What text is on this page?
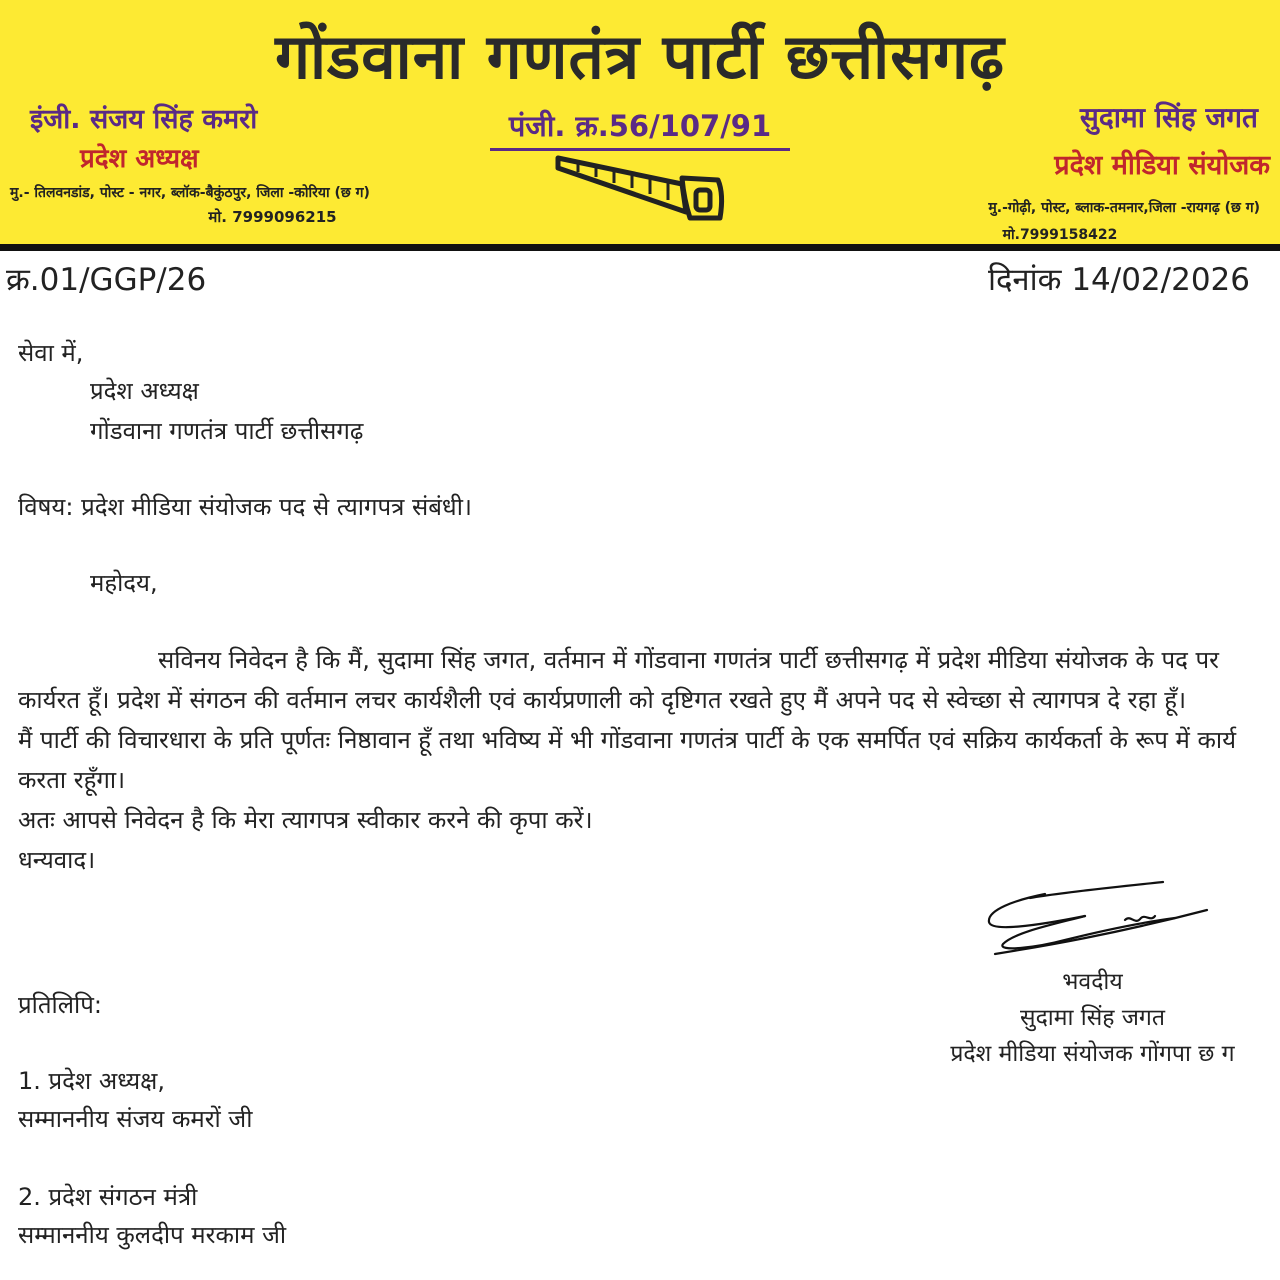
गोंडवाना गणतंत्र पार्टी छत्तीसगढ़
इंजी. संजय सिंह कमरो
प्रदेश अध्यक्ष
मु.- तिलवनडांड, पोस्ट - नगर, ब्लॉक-बैकुंठपुर, जिला -कोरिया (छ ग)
मो. 7999096215
पंजी. क्र.56/107/91	सुदामा सिंह जगत
प्रदेश मीडिया संयोजक
मु.-गोढ़ी, पोस्ट, ब्लाक-तमनार,जिला -रायगढ़ (छ ग)
मो.7999158422
क्र.01/GGP/26	दिनांक 14/02/2026
सेवा में,
प्रदेश अध्यक्ष
गोंडवाना गणतंत्र पार्टी छत्तीसगढ़
विषय: प्रदेश मीडिया संयोजक पद से त्यागपत्र संबंधी।
महोदय,
सविनय निवेदन है कि मैं, सुदामा सिंह जगत, वर्तमान में गोंडवाना गणतंत्र पार्टी छत्तीसगढ़ में प्रदेश मीडिया संयोजक के पद पर कार्यरत हूँ। प्रदेश में संगठन की वर्तमान लचर कार्यशैली एवं कार्यप्रणाली को दृष्टिगत रखते हुए मैं अपने पद से स्वेच्छा से त्यागपत्र दे रहा हूँ।
मैं पार्टी की विचारधारा के प्रति पूर्णतः निष्ठावान हूँ तथा भविष्य में भी गोंडवाना गणतंत्र पार्टी के एक समर्पित एवं सक्रिय कार्यकर्ता के रूप में कार्य करता रहूँगा।
अतः आपसे निवेदन है कि मेरा त्यागपत्र स्वीकार करने की कृपा करें।
धन्यवाद।
भवदीय
सुदामा सिंह जगत
प्रदेश मीडिया संयोजक गोंगपा छ ग
प्रतिलिपि:
1. प्रदेश अध्यक्ष,
सम्माननीय संजय कमरों जी
2. प्रदेश संगठन मंत्री
सम्माननीय कुलदीप मरकाम जी
